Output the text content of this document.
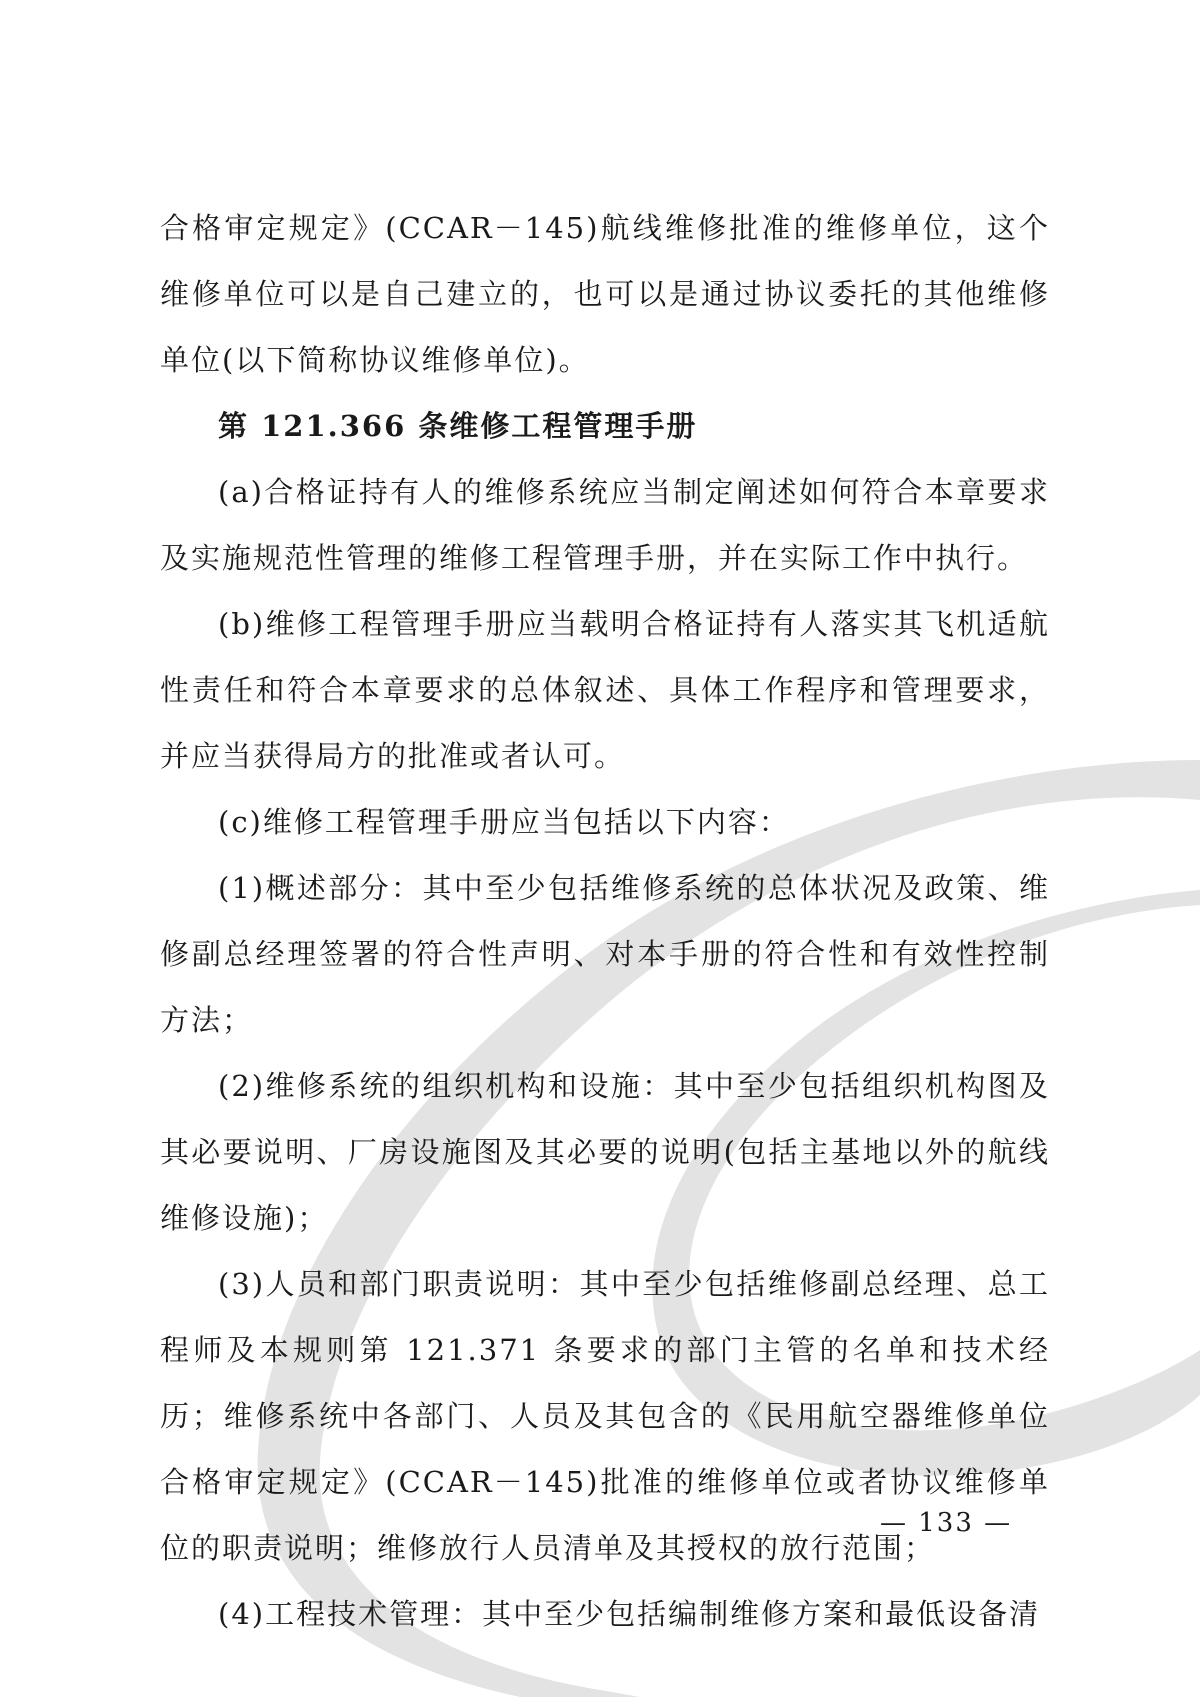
合格审定规定》(CCAR－145)航线维修批准的维修单位，这个维修单位可以是自己建立的，也可以是通过协议委托的其他维修单位(以下简称协议维修单位)。

第 121.366 条维修工程管理手册

(a)合格证持有人的维修系统应当制定阐述如何符合本章要求及实施规范性管理的维修工程管理手册，并在实际工作中执行。

(b)维修工程管理手册应当载明合格证持有人落实其飞机适航性责任和符合本章要求的总体叙述、具体工作程序和管理要求，并应当获得局方的批准或者认可。

(c)维修工程管理手册应当包括以下内容：

(1)概述部分：其中至少包括维修系统的总体状况及政策、维修副总经理签署的符合性声明、对本手册的符合性和有效性控制方法；

(2)维修系统的组织机构和设施：其中至少包括组织机构图及其必要说明、厂房设施图及其必要的说明(包括主基地以外的航线维修设施)；

(3)人员和部门职责说明：其中至少包括维修副总经理、总工程师及本规则第 121.371 条要求的部门主管的名单和技术经历；维修系统中各部门、人员及其包含的《民用航空器维修单位合格审定规定》(CCAR－145)批准的维修单位或者协议维修单位的职责说明；维修放行人员清单及其授权的放行范围；

(4)工程技术管理：其中至少包括编制维修方案和最低设备清

— 133 —
